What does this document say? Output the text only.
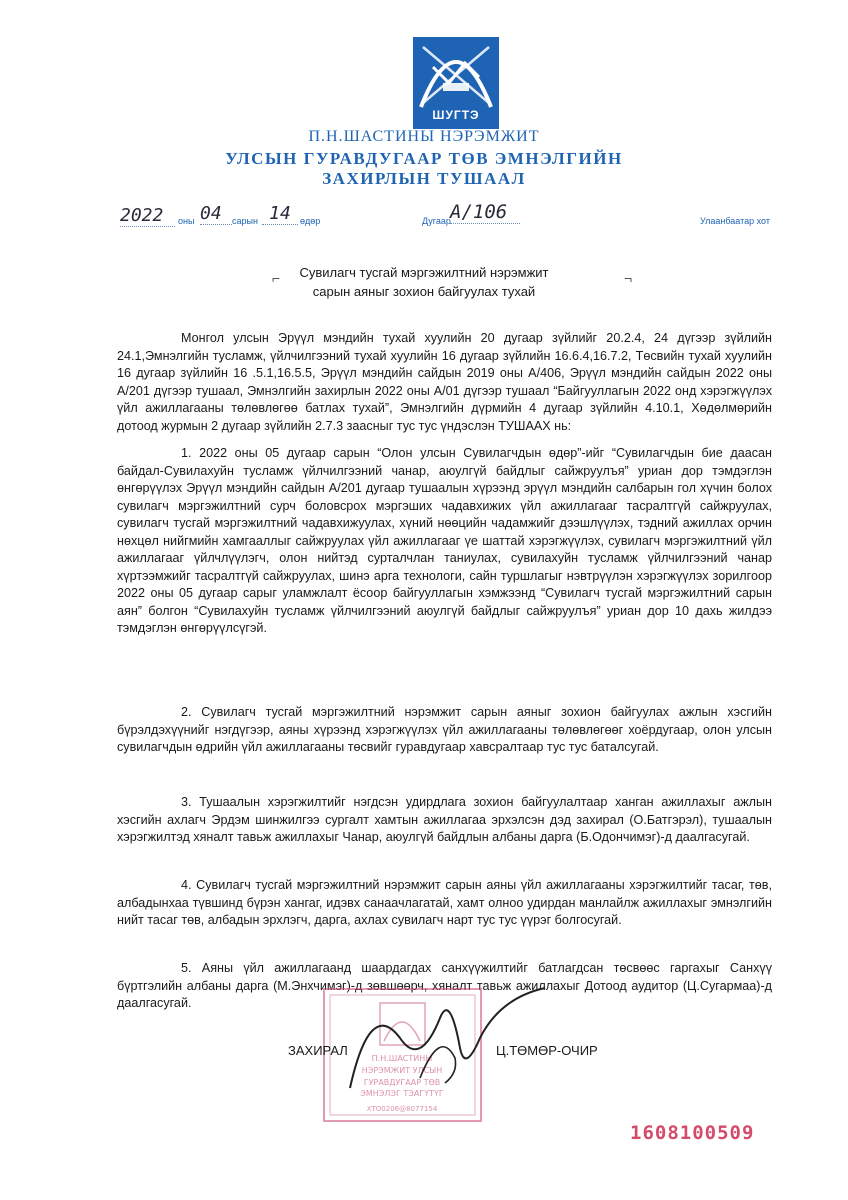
ШУГТЭ
П.Н.ШАСТИНЫ НЭРЭМЖИТ
УЛСЫН ГУРАВДУГААР ТӨВ ЭМНЭЛГИЙН
ЗАХИРЛЫН ТУШААЛ
2022	оны 04	сарын 14	өдөр	Дугаар А/106	Улаанбаатар хот
⌐	¬
Сувилагч тусгай мэргэжилтний нэрэмжит
сарын аяныг зохион байгуулах тухай
Монгол улсын Эрүүл мэндийн тухай хуулийн 20 дугаар зүйлийг 20.2.4, 24 дүгээр зүйлийн 24.1,Эмнэлгийн тусламж, үйлчилгээний тухай хуулийн 16 дугаар зүйлийн 16.6.4,16.7.2, Төсвийн тухай хуулийн 16 дугаар зүйлийн 16 .5.1,16.5.5, Эрүүл мэндийн сайдын 2019 оны А/406, Эрүүл мэндийн сайдын 2022 оны А/201 дүгээр тушаал, Эмнэлгийн захирлын 2022 оны А/01 дүгээр тушаал “Байгууллагын 2022 онд хэрэгжүүлэх үйл ажиллагааны төлөвлөгөө батлах тухай”, Эмнэлгийн дүрмийн 4 дугаар зүйлийн 4.10.1, Хөдөлмөрийн дотоод журмын 2 дугаар зүйлийн 2.7.3 заасныг тус тус үндэслэн ТУШААХ нь:
1. 2022 оны 05 дугаар сарын “Олон улсын Сувилагчдын өдөр”-ийг “Сувилагчдын бие даасан байдал-Сувилахуйн тусламж үйлчилгээний чанар, аюулгүй байдлыг сайжруулъя” уриан дор тэмдэглэн өнгөрүүлэх Эрүүл мэндийн сайдын А/201 дугаар тушаалын хүрээнд эрүүл мэндийн салбарын гол хүчин болох сувилагч мэргэжилтний сурч боловсрох мэргэших чадавхижих үйл ажиллагааг тасралтгүй сайжруулах, сувилагч тусгай мэргэжилтний чадавхижуулах, хүний нөөцийн чадамжийг дээшлүүлэх, тэдний ажиллах орчин нөхцөл нийгмийн хамгааллыг сайжруулах үйл ажиллагааг үе шаттай хэрэгжүүлэх, сувилагч мэргэжилтний үйл ажиллагааг үйлчлүүлэгч, олон нийтэд сурталчлан таниулах, сувилахуйн тусламж үйлчилгээний чанар хүртээмжийг тасралтгүй сайжруулах, шинэ арга технологи, сайн туршлагыг нэвтрүүлэн хэрэгжүүлэх зорилгоор 2022 оны 05 дугаар сарыг уламжлалт ёсоор байгууллагын хэмжээнд “Сувилагч тусгай мэргэжилтний сарын аян” болгон “Сувилахуйн тусламж үйлчилгээний аюулгүй байдлыг сайжруулъя” уриан дор 10 дахь жилдээ тэмдэглэн өнгөрүүлсүгэй.
2. Сувилагч тусгай мэргэжилтний нэрэмжит сарын аяныг зохион байгуулах ажлын хэсгийн бүрэлдэхүүнийг нэгдүгээр, аяны хүрээнд хэрэгжүүлэх үйл ажиллагааны төлөвлөгөөг хоёрдугаар, олон улсын сувилагчдын өдрийн үйл ажиллагааны төсвийг гуравдугаар хавсралтаар тус тус баталсугай.
3. Тушаалын хэрэгжилтийг нэгдсэн удирдлага зохион байгуулалтаар ханган ажиллахыг ажлын хэсгийн ахлагч Эрдэм шинжилгээ сургалт хамтын ажиллагаа эрхэлсэн дэд захирал (О.Батгэрэл), тушаалын хэрэгжилтэд хяналт тавьж ажиллахыг Чанар, аюулгүй байдлын албаны дарга (Б.Одончимэг)-д даалгасугай.
4. Сувилагч тусгай мэргэжилтний нэрэмжит сарын аяны үйл ажиллагааны хэрэгжилтийг тасаг, төв, албадынхаа түвшинд бүрэн хангаг, идэвх санаачлагатай, хамт олноо удирдан манлайлж ажиллахыг эмнэлгийн нийт тасаг төв, албадын эрхлэгч, дарга, ахлах сувилагч нарт тус тус үүрэг болгосугай.
5. Аяны үйл ажиллагаанд шаардагдах санхүүжилтийг батлагдсан төсвөөс гаргахыг Санхүү бүртгэлийн албаны дарга (М.Энхчимэг)-д зөвшөөрч, хяналт тавьж ажиллахыг Дотоод аудитор (Ц.Сугармаа)-д даалгасугай.
П.Н.ШАСТИНЫ
НЭРЭМЖИТ УЛСЫН
ГУРАВДУГААР ТӨВ
ЭМНЭЛЭГ ТЭАГҮТҮГ
ХТО0206@8077154
ЗАХИРАЛ	Ц.ТӨМӨР-ОЧИР
1608100509
